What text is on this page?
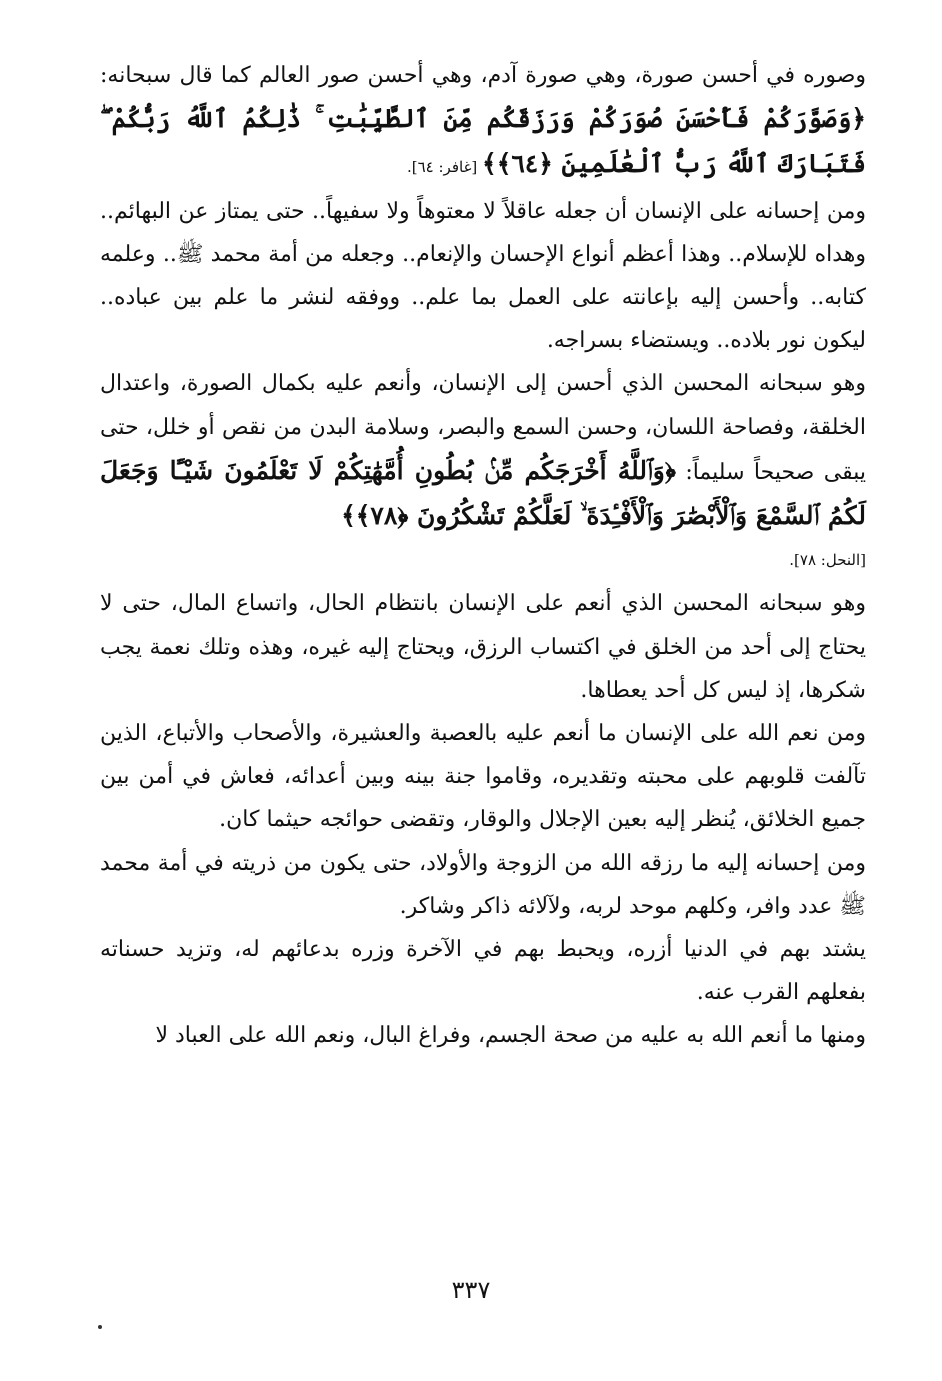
وصوره في أحسن صورة، وهي صورة آدم، وهي أحسن صور العالم كما قال سبحانه: ﴿وَصَوَّرَكُمْ فَأَحْسَنَ صُوَرَكُمْ وَرَزَقَكُم مِّنَ ٱلطَّيِّبَٰتِ ۚ ذَٰلِكُمُ ٱللَّهُ رَبُّكُمْ ۖ فَتَبَارَكَ ٱللَّهُ رَبُّ ٱلْعَٰلَمِينَ ﴿٦٤﴾﴾ [غافر: ٦٤].

ومن إحسانه على الإنسان أن جعله عاقلاً لا معتوهاً ولا سفيهاً.. حتى يمتاز عن البهائم.. وهداه للإسلام.. وهذا أعظم أنواع الإحسان والإنعام.. وجعله من أمة محمد ﷺ.. وعلمه كتابه.. وأحسن إليه بإعانته على العمل بما علم.. ووفقه لنشر ما علم بين عباده.. ليكون نور بلاده.. ويستضاء بسراجه.

وهو سبحانه المحسن الذي أحسن إلى الإنسان، وأنعم عليه بكمال الصورة، واعتدال الخلقة، وفصاحة اللسان، وحسن السمع والبصر، وسلامة البدن من نقص أو خلل، حتى يبقى صحيحاً سليماً: ﴿وَٱللَّهُ أَخْرَجَكُم مِّنۢ بُطُونِ أُمَّهَٰتِكُمْ لَا تَعْلَمُونَ شَيْـًٔا وَجَعَلَ لَكُمُ ٱلسَّمْعَ وَٱلْأَبْصَٰرَ وَٱلْأَفْـِٔدَةَ ۙ لَعَلَّكُمْ تَشْكُرُونَ ﴿٧٨﴾﴾

[النحل: ٧٨].

وهو سبحانه المحسن الذي أنعم على الإنسان بانتظام الحال، واتساع المال، حتى لا يحتاج إلى أحد من الخلق في اكتساب الرزق، ويحتاج إليه غيره، وهذه وتلك نعمة يجب شكرها، إذ ليس كل أحد يعطاها.

ومن نعم الله على الإنسان ما أنعم عليه بالعصبة والعشيرة، والأصحاب والأتباع، الذين تآلفت قلوبهم على محبته وتقديره، وقاموا جنة بينه وبين أعدائه، فعاش في أمن بين جميع الخلائق، يُنظر إليه بعين الإجلال والوقار، وتقضى حوائجه حيثما كان.

ومن إحسانه إليه ما رزقه الله من الزوجة والأولاد، حتى يكون من ذريته في أمة محمد ﷺ عدد وافر، وكلهم موحد لربه، ولآلائه ذاكر وشاكر.

يشتد بهم في الدنيا أزره، ويحبط بهم في الآخرة وزره بدعائهم له، وتزيد حسناته بفعلهم القرب عنه.

ومنها ما أنعم الله به عليه من صحة الجسم، وفراغ البال، ونعم الله على العباد لا

٣٣٧
